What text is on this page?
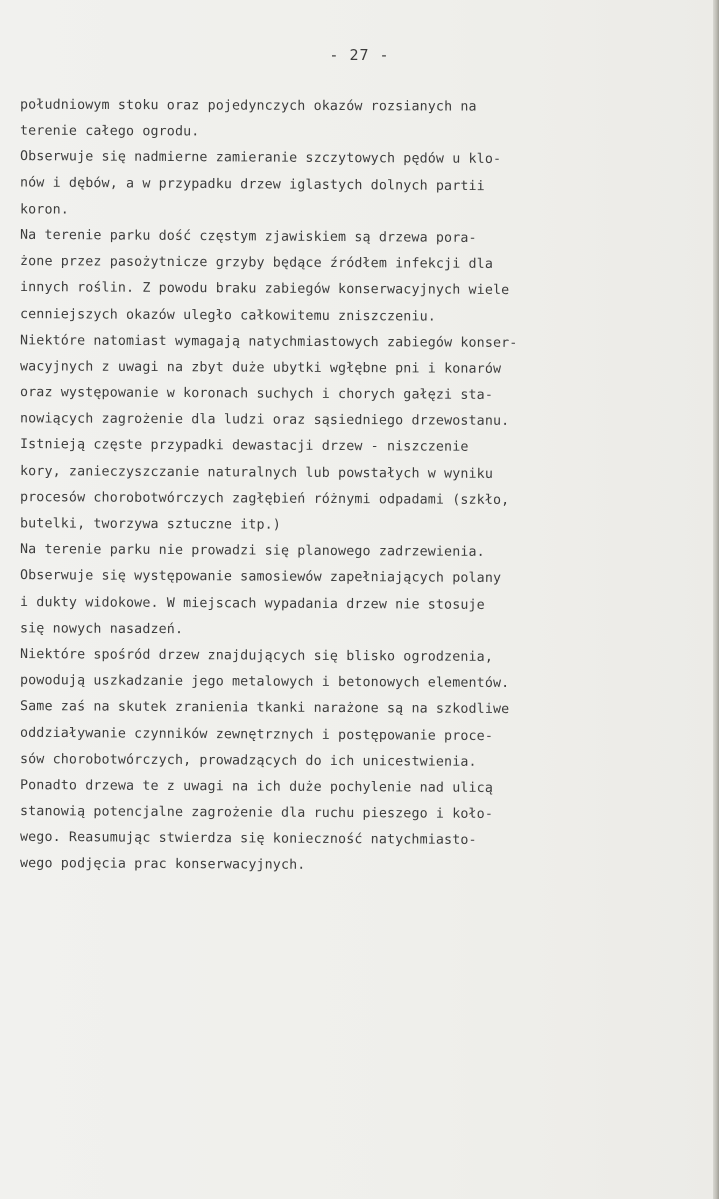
- 27 -
południowym stoku oraz pojedynczych okazów rozsianych na
terenie całego ogrodu.
Obserwuje się nadmierne zamieranie szczytowych pędów u klo-
nów i dębów, a w przypadku drzew iglastych dolnych partii
koron.
Na terenie parku dość częstym zjawiskiem są drzewa pora-
żone przez pasożytnicze grzyby będące źródłem infekcji dla
innych roślin. Z powodu braku zabiegów konserwacyjnych wiele
cenniejszych okazów uległo całkowitemu zniszczeniu.
Niektóre natomiast wymagają natychmiastowych zabiegów konser-
wacyjnych z uwagi na zbyt duże ubytki wgłębne pni i konarów
oraz występowanie w koronach suchych i chorych gałęzi sta-
nowiących zagrożenie dla ludzi oraz sąsiedniego drzewostanu.
Istnieją częste przypadki dewastacji drzew - niszczenie
kory, zanieczyszczanie naturalnych lub powstałych w wyniku
procesów chorobotwórczych zagłębień różnymi odpadami (szkło,
butelki, tworzywa sztuczne itp.)
Na terenie parku nie prowadzi się planowego zadrzewienia.
Obserwuje się występowanie samosiewów zapełniających polany
i dukty widokowe. W miejscach wypadania drzew nie stosuje
się nowych nasadzeń.
Niektóre spośród drzew znajdujących się blisko ogrodzenia,
powodują uszkadzanie jego metalowych i betonowych elementów.
Same zaś na skutek zranienia tkanki narażone są na szkodliwe
oddziaływanie czynników zewnętrznych i postępowanie proce-
sów chorobotwórczych, prowadzących do ich unicestwienia.
Ponadto drzewa te z uwagi na ich duże pochylenie nad ulicą
stanowią potencjalne zagrożenie dla ruchu pieszego i koło-
wego. Reasumując stwierdza się konieczność natychmiasto-
wego podjęcia prac konserwacyjnych.
